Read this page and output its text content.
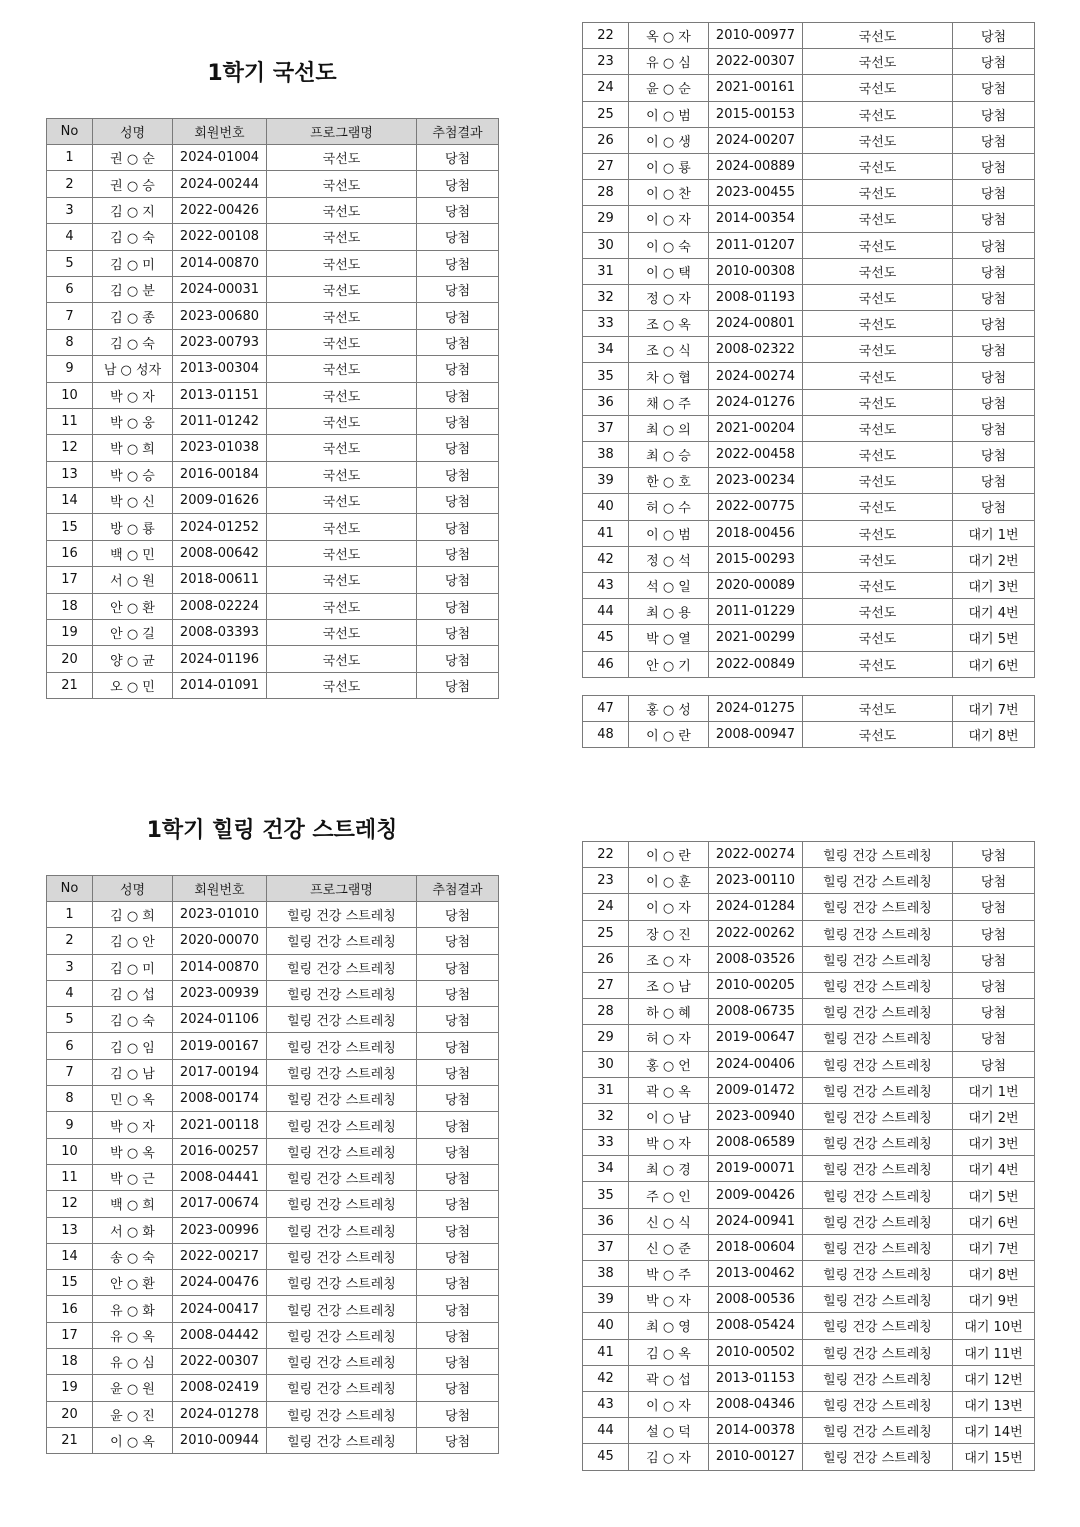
1학기 국선도
No	성명	회원번호	프로그램명	추첨결과
1	권 ○ 순	2024-01004	국선도	당첨
2	권 ○ 승	2024-00244	국선도	당첨
3	김 ○ 지	2022-00426	국선도	당첨
4	김 ○ 숙	2022-00108	국선도	당첨
5	김 ○ 미	2014-00870	국선도	당첨
6	김 ○ 분	2024-00031	국선도	당첨
7	김 ○ 종	2023-00680	국선도	당첨
8	김 ○ 숙	2023-00793	국선도	당첨
9	남 ○ 성자	2013-00304	국선도	당첨
10	박 ○ 자	2013-01151	국선도	당첨
11	박 ○ 웅	2011-01242	국선도	당첨
12	박 ○ 희	2023-01038	국선도	당첨
13	박 ○ 승	2016-00184	국선도	당첨
14	박 ○ 신	2009-01626	국선도	당첨
15	방 ○ 룡	2024-01252	국선도	당첨
16	백 ○ 민	2008-00642	국선도	당첨
17	서 ○ 원	2018-00611	국선도	당첨
18	안 ○ 환	2008-02224	국선도	당첨
19	안 ○ 길	2008-03393	국선도	당첨
20	양 ○ 균	2024-01196	국선도	당첨
21	오 ○ 민	2014-01091	국선도	당첨
22	옥 ○ 자	2010-00977	국선도	당첨
23	유 ○ 심	2022-00307	국선도	당첨
24	윤 ○ 순	2021-00161	국선도	당첨
25	이 ○ 범	2015-00153	국선도	당첨
26	이 ○ 생	2024-00207	국선도	당첨
27	이 ○ 룡	2024-00889	국선도	당첨
28	이 ○ 찬	2023-00455	국선도	당첨
29	이 ○ 자	2014-00354	국선도	당첨
30	이 ○ 숙	2011-01207	국선도	당첨
31	이 ○ 택	2010-00308	국선도	당첨
32	정 ○ 자	2008-01193	국선도	당첨
33	조 ○ 옥	2024-00801	국선도	당첨
34	조 ○ 식	2008-02322	국선도	당첨
35	차 ○ 협	2024-00274	국선도	당첨
36	채 ○ 주	2024-01276	국선도	당첨
37	최 ○ 의	2021-00204	국선도	당첨
38	최 ○ 승	2022-00458	국선도	당첨
39	한 ○ 호	2023-00234	국선도	당첨
40	허 ○ 수	2022-00775	국선도	당첨
41	이 ○ 범	2018-00456	국선도	대기 1번
42	정 ○ 석	2015-00293	국선도	대기 2번
43	석 ○ 일	2020-00089	국선도	대기 3번
44	최 ○ 용	2011-01229	국선도	대기 4번
45	박 ○ 열	2021-00299	국선도	대기 5번
46	안 ○ 기	2022-00849	국선도	대기 6번
47	홍 ○ 성	2024-01275	국선도	대기 7번
48	이 ○ 란	2008-00947	국선도	대기 8번
1학기 힐링 건강 스트레칭
No	성명	회원번호	프로그램명	추첨결과
1	김 ○ 희	2023-01010	힐링 건강 스트레칭	당첨
2	김 ○ 안	2020-00070	힐링 건강 스트레칭	당첨
3	김 ○ 미	2014-00870	힐링 건강 스트레칭	당첨
4	김 ○ 섭	2023-00939	힐링 건강 스트레칭	당첨
5	김 ○ 숙	2024-01106	힐링 건강 스트레칭	당첨
6	김 ○ 임	2019-00167	힐링 건강 스트레칭	당첨
7	김 ○ 남	2017-00194	힐링 건강 스트레칭	당첨
8	민 ○ 옥	2008-00174	힐링 건강 스트레칭	당첨
9	박 ○ 자	2021-00118	힐링 건강 스트레칭	당첨
10	박 ○ 옥	2016-00257	힐링 건강 스트레칭	당첨
11	박 ○ 근	2008-04441	힐링 건강 스트레칭	당첨
12	백 ○ 희	2017-00674	힐링 건강 스트레칭	당첨
13	서 ○ 화	2023-00996	힐링 건강 스트레칭	당첨
14	송 ○ 숙	2022-00217	힐링 건강 스트레칭	당첨
15	안 ○ 환	2024-00476	힐링 건강 스트레칭	당첨
16	유 ○ 화	2024-00417	힐링 건강 스트레칭	당첨
17	유 ○ 옥	2008-04442	힐링 건강 스트레칭	당첨
18	유 ○ 심	2022-00307	힐링 건강 스트레칭	당첨
19	윤 ○ 원	2008-02419	힐링 건강 스트레칭	당첨
20	윤 ○ 진	2024-01278	힐링 건강 스트레칭	당첨
21	이 ○ 옥	2010-00944	힐링 건강 스트레칭	당첨
22	이 ○ 란	2022-00274	힐링 건강 스트레칭	당첨
23	이 ○ 훈	2023-00110	힐링 건강 스트레칭	당첨
24	이 ○ 자	2024-01284	힐링 건강 스트레칭	당첨
25	장 ○ 진	2022-00262	힐링 건강 스트레칭	당첨
26	조 ○ 자	2008-03526	힐링 건강 스트레칭	당첨
27	조 ○ 남	2010-00205	힐링 건강 스트레칭	당첨
28	하 ○ 혜	2008-06735	힐링 건강 스트레칭	당첨
29	허 ○ 자	2019-00647	힐링 건강 스트레칭	당첨
30	홍 ○ 언	2024-00406	힐링 건강 스트레칭	당첨
31	곽 ○ 옥	2009-01472	힐링 건강 스트레칭	대기 1번
32	이 ○ 남	2023-00940	힐링 건강 스트레칭	대기 2번
33	박 ○ 자	2008-06589	힐링 건강 스트레칭	대기 3번
34	최 ○ 경	2019-00071	힐링 건강 스트레칭	대기 4번
35	주 ○ 인	2009-00426	힐링 건강 스트레칭	대기 5번
36	신 ○ 식	2024-00941	힐링 건강 스트레칭	대기 6번
37	신 ○ 준	2018-00604	힐링 건강 스트레칭	대기 7번
38	박 ○ 주	2013-00462	힐링 건강 스트레칭	대기 8번
39	박 ○ 자	2008-00536	힐링 건강 스트레칭	대기 9번
40	최 ○ 영	2008-05424	힐링 건강 스트레칭	대기 10번
41	김 ○ 옥	2010-00502	힐링 건강 스트레칭	대기 11번
42	곽 ○ 섭	2013-01153	힐링 건강 스트레칭	대기 12번
43	이 ○ 자	2008-04346	힐링 건강 스트레칭	대기 13번
44	설 ○ 덕	2014-00378	힐링 건강 스트레칭	대기 14번
45	김 ○ 자	2010-00127	힐링 건강 스트레칭	대기 15번
